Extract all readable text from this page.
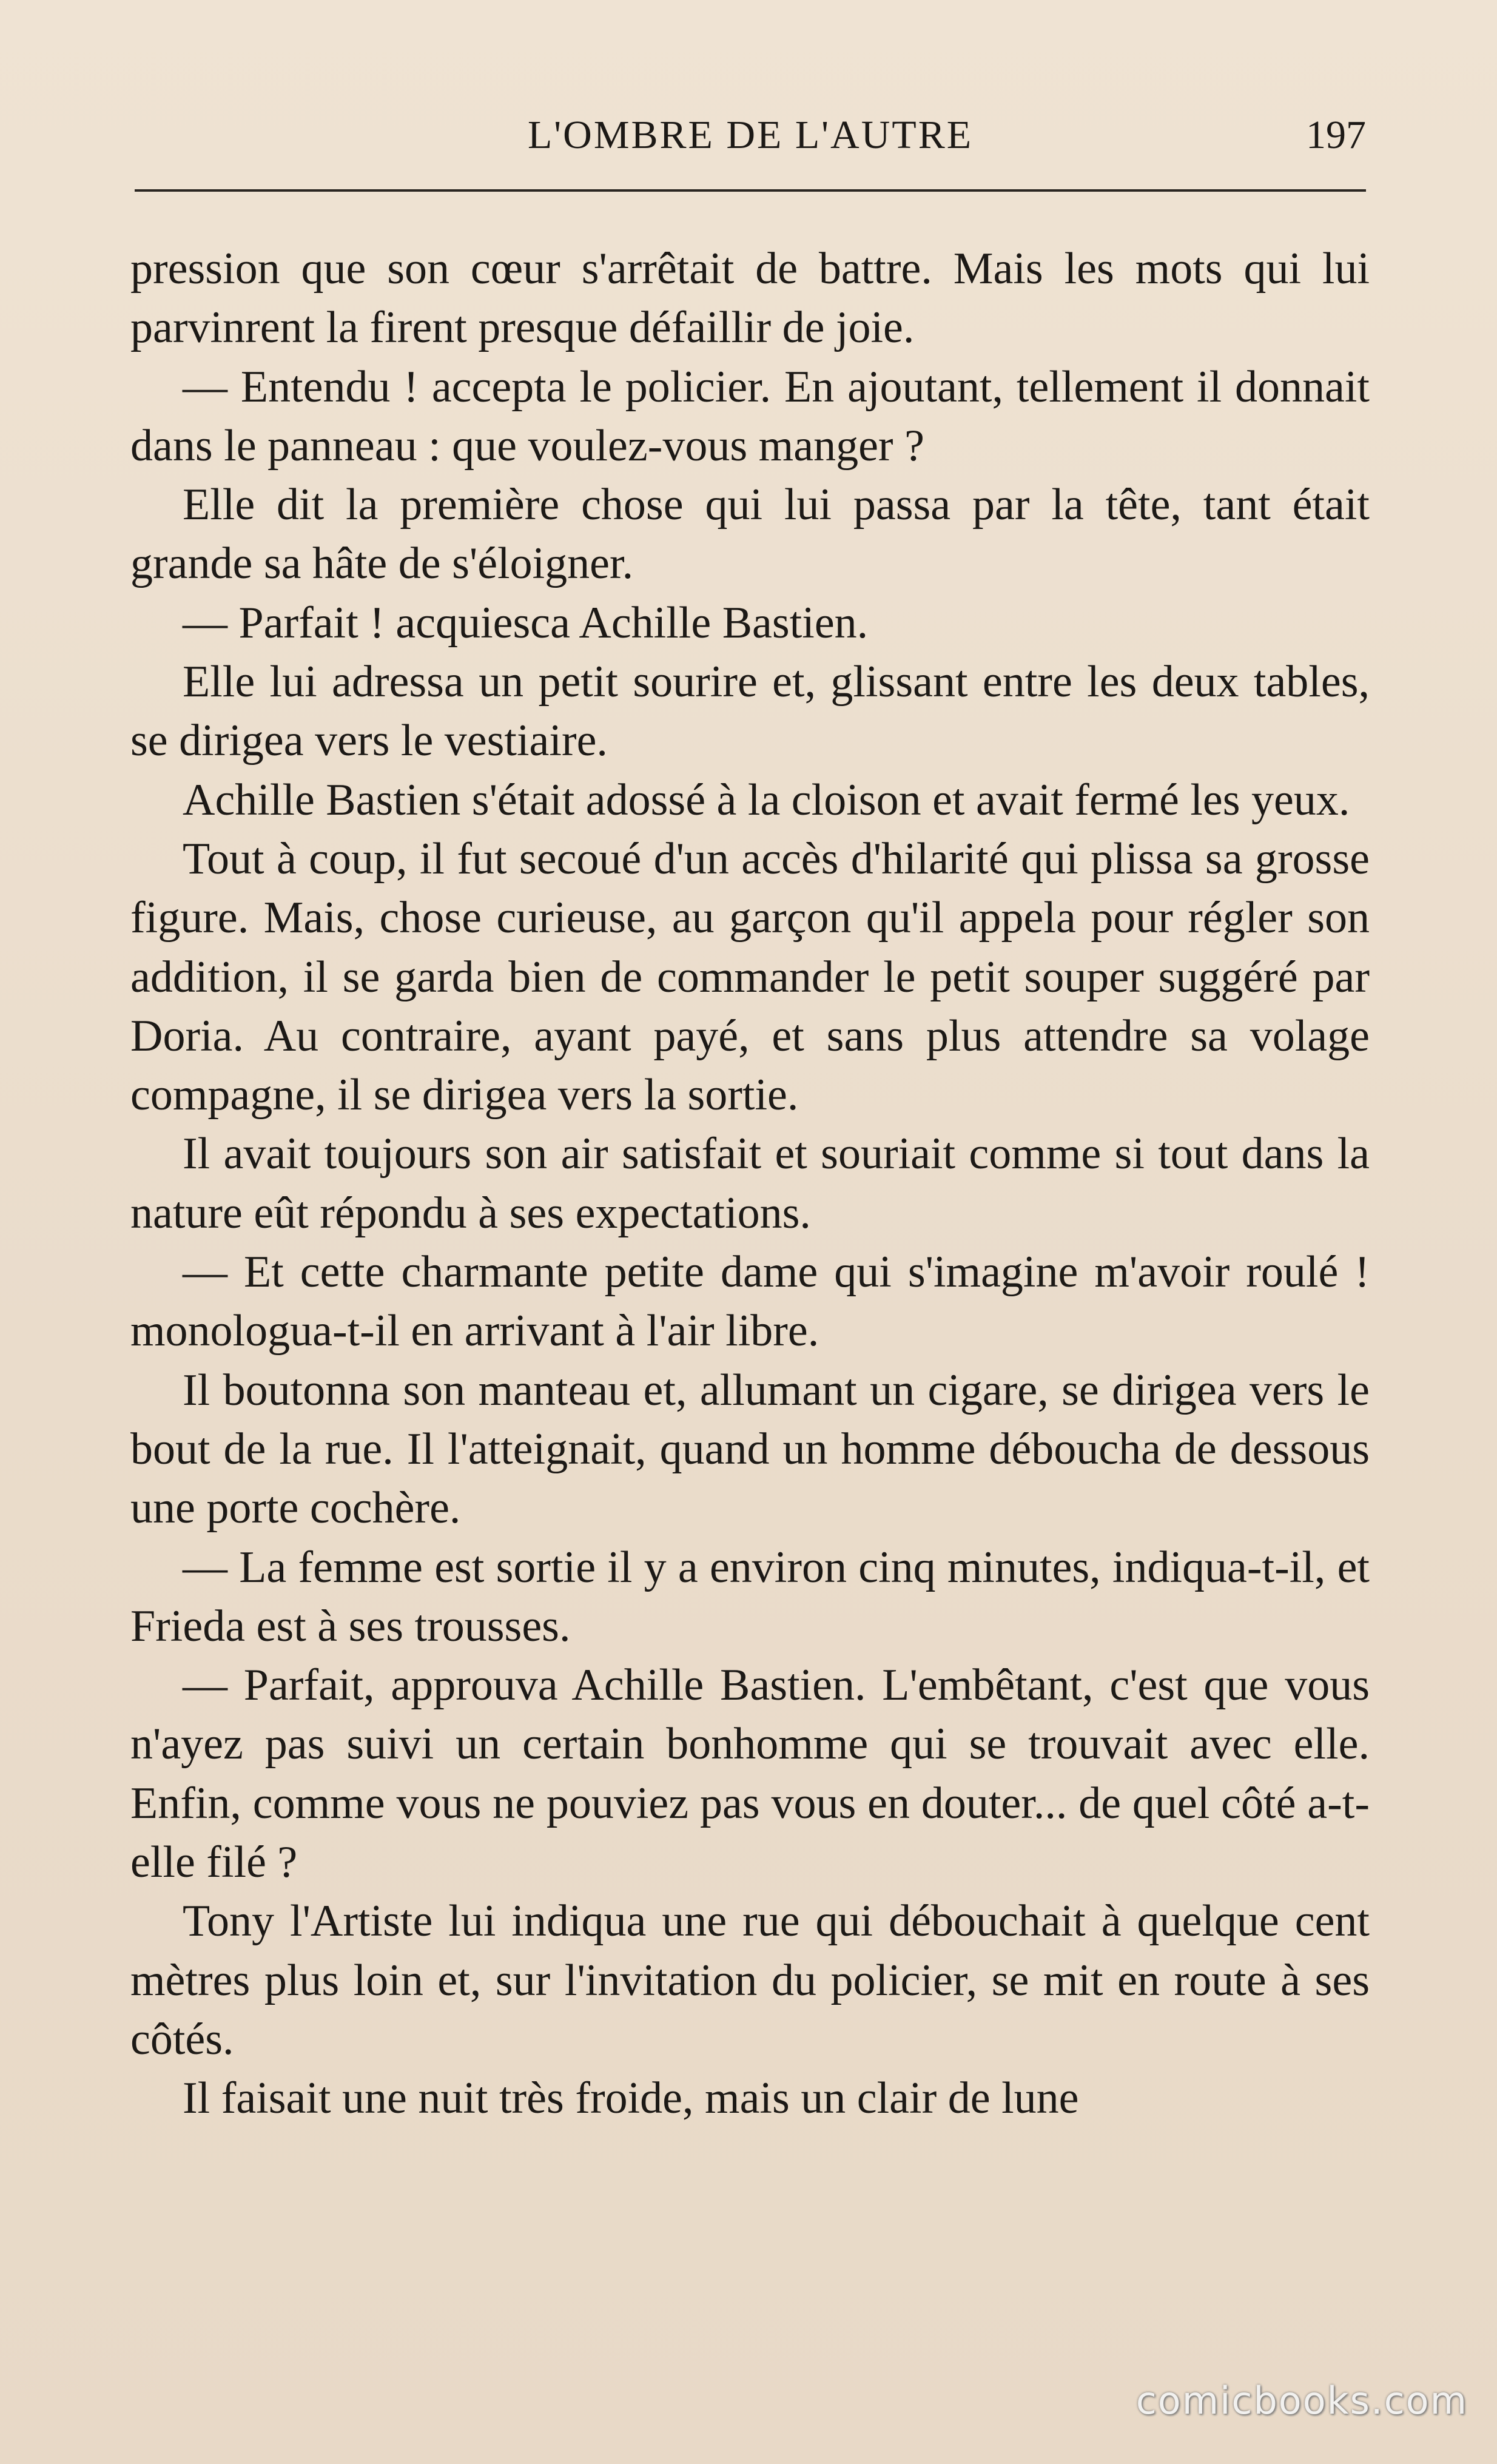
L'OMBRE DE L'AUTRE	197

pression que son cœur s'arrêtait de battre. Mais les mots qui lui parvinrent la firent presque défaillir de joie.

— Entendu ! accepta le policier. En ajoutant, tellement il donnait dans le panneau : que voulez-vous manger ?

Elle dit la première chose qui lui passa par la tête, tant était grande sa hâte de s'éloigner.

— Parfait ! acquiesca Achille Bastien.

Elle lui adressa un petit sourire et, glissant entre les deux tables, se dirigea vers le vestiaire.

Achille Bastien s'était adossé à la cloison et avait fermé les yeux.

Tout à coup, il fut secoué d'un accès d'hilarité qui plissa sa grosse figure. Mais, chose curieuse, au garçon qu'il appela pour régler son addition, il se garda bien de commander le petit souper suggéré par Doria. Au contraire, ayant payé, et sans plus attendre sa volage compagne, il se dirigea vers la sortie.

Il avait toujours son air satisfait et souriait comme si tout dans la nature eût répondu à ses expectations.

— Et cette charmante petite dame qui s'imagine m'avoir roulé ! monologua-t-il en arrivant à l'air libre.

Il boutonna son manteau et, allumant un cigare, se dirigea vers le bout de la rue. Il l'atteignait, quand un homme déboucha de dessous une porte cochère.

— La femme est sortie il y a environ cinq minutes, indiqua-t-il, et Frieda est à ses trousses.

— Parfait, approuva Achille Bastien. L'embêtant, c'est que vous n'ayez pas suivi un certain bonhomme qui se trouvait avec elle. Enfin, comme vous ne pouviez pas vous en douter... de quel côté a-t-elle filé ?

Tony l'Artiste lui indiqua une rue qui débouchait à quelque cent mètres plus loin et, sur l'invitation du policier, se mit en route à ses côtés.

Il faisait une nuit très froide, mais un clair de lune

comicbooks.com
